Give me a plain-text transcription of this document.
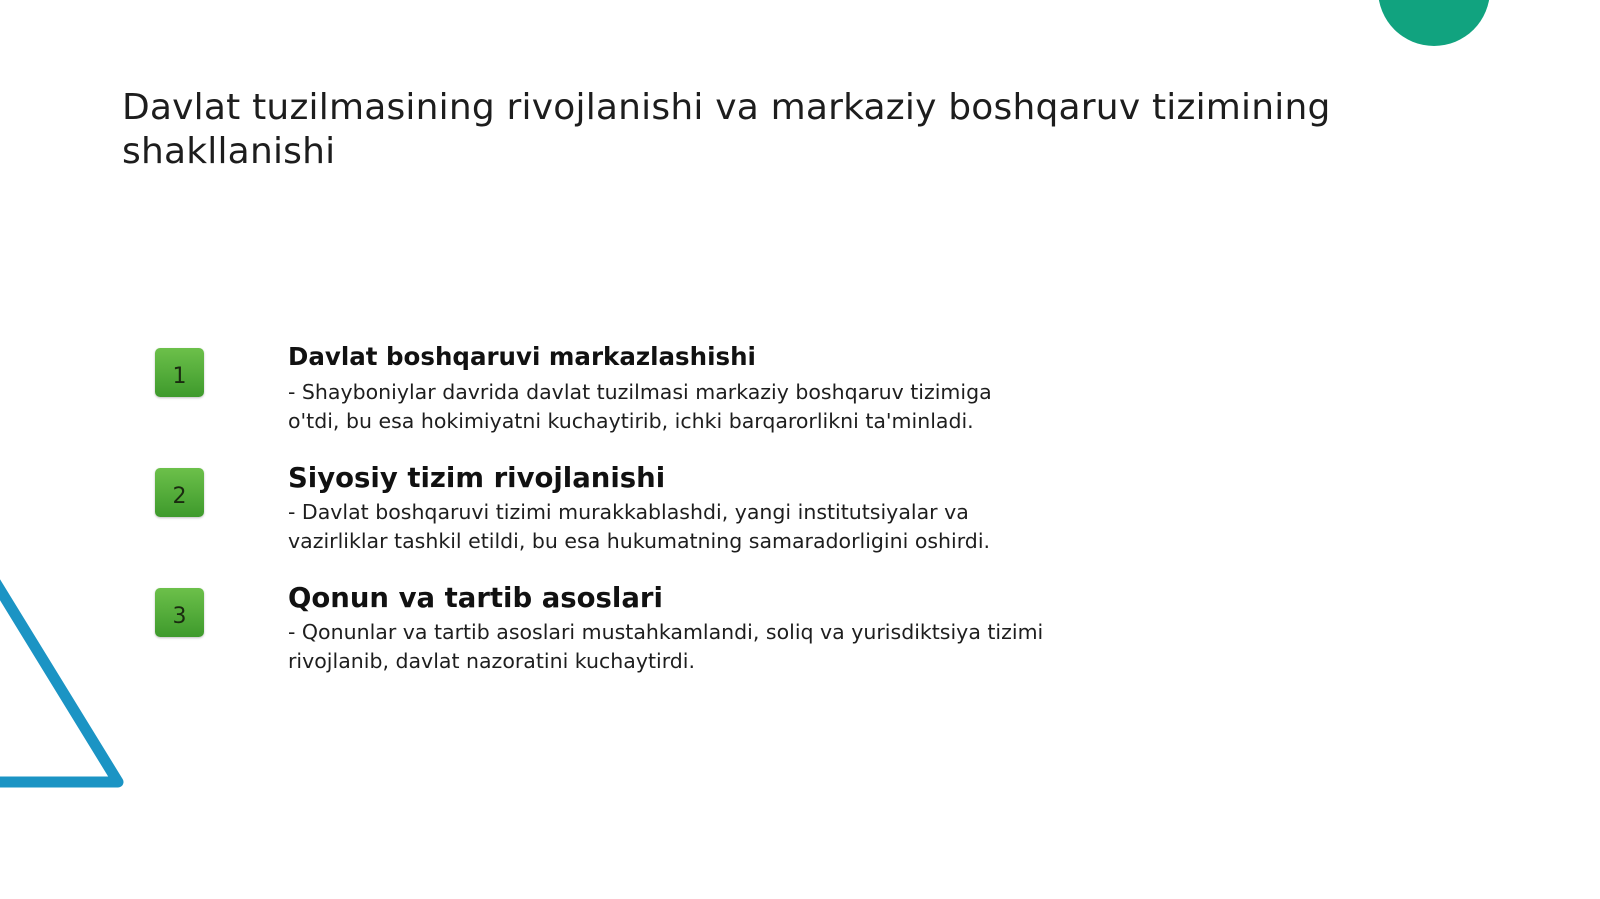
Davlat tuzilmasining rivojlanishi va markaziy boshqaruv tizimining shakllanishi
1
Davlat boshqaruvi markazlashishi

- Shayboniylar davrida davlat tuzilmasi markaziy boshqaruv tizimiga
o'tdi, bu esa hokimiyatni kuchaytirib, ichki barqarorlikni ta'minladi.

2
Siyosiy tizim rivojlanishi

- Davlat boshqaruvi tizimi murakkablashdi, yangi institutsiyalar va
vazirliklar tashkil etildi, bu esa hukumatning samaradorligini oshirdi.

3
Qonun va tartib asoslari

- Qonunlar va tartib asoslari mustahkamlandi, soliq va yurisdiktsiya tizimi
rivojlanib, davlat nazoratini kuchaytirdi.
